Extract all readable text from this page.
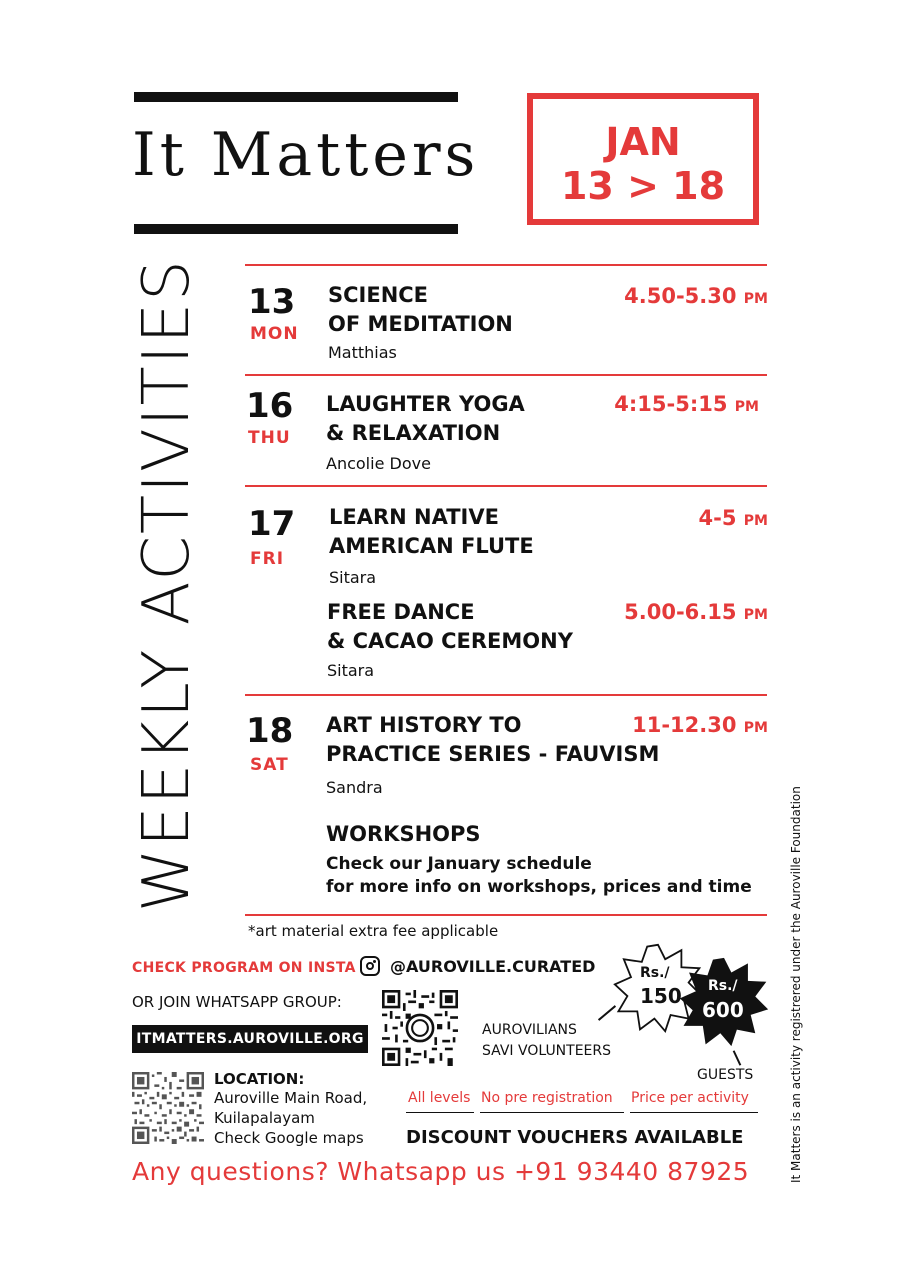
It Matters	JAN
13 > 18
WEEKLY ACTIVITIES 13
MON
SCIENCE
OF MEDITATION
Matthias
4.50-5.30 PM
16
THU
LAUGHTER YOGA
& RELAXATION
Ancolie Dove
4:15-5:15 PM
17
FRI
LEARN NATIVE
AMERICAN FLUTE
Sitara
4-5 PM
FREE DANCE
& CACAO CEREMONY
Sitara
5.00-6.15 PM
18
SAT
ART HISTORY TO
PRACTICE SERIES - FAUVISM
Sandra
11-12.30 PM
WORKSHOPS
Check our January schedule
for more info on workshops, prices and time
*art material extra fee applicable
CHECK PROGRAM ON INSTA @AUROVILLE.CURATED
OR JOIN WHATSAPP GROUP:
ITMATTERS.AUROVILLE.ORG
Rs./
150 Rs./
600
AUROVILIANS
SAVI VOLUNTEERS
GUESTS
LOCATION:
Auroville Main Road,
Kuilapalayam
Check Google maps
All levels No pre registration Price per activity
DISCOUNT VOUCHERS AVAILABLE
Any questions? Whatsapp us +91 93440 87925	It Matters is an activity registrered under the Auroville Foundation
